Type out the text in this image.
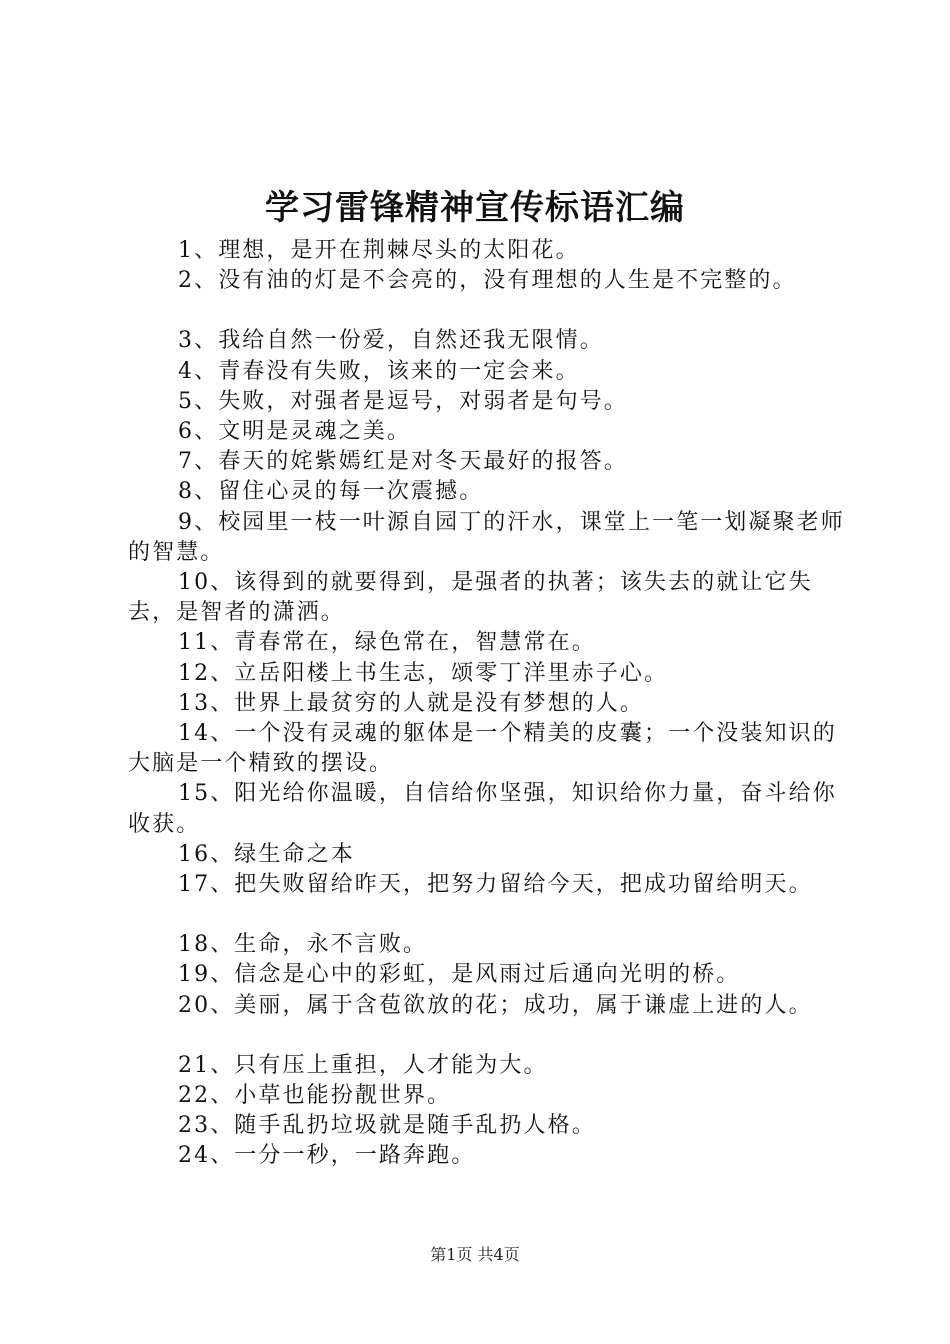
学习雷锋精神宣传标语汇编

1、理想，是开在荆棘尽头的太阳花。

2、没有油的灯是不会亮的，没有理想的人生是不完整的。

3、我给自然一份爱，自然还我无限情。

4、青春没有失败，该来的一定会来。

5、失败，对强者是逗号，对弱者是句号。

6、文明是灵魂之美。

7、春天的姹紫嫣红是对冬天最好的报答。

8、留住心灵的每一次震撼。

9、校园里一枝一叶源自园丁的汗水，课堂上一笔一划凝聚老师的智慧。

10、该得到的就要得到，是强者的执著；该失去的就让它失去，是智者的潇洒。

11、青春常在，绿色常在，智慧常在。

12、立岳阳楼上书生志，颂零丁洋里赤子心。

13、世界上最贫穷的人就是没有梦想的人。

14、一个没有灵魂的躯体是一个精美的皮囊；一个没装知识的大脑是一个精致的摆设。

15、阳光给你温暖，自信给你坚强，知识给你力量，奋斗给你收获。

16、绿生命之本

17、把失败留给昨天，把努力留给今天，把成功留给明天。

18、生命，永不言败。

19、信念是心中的彩虹，是风雨过后通向光明的桥。

20、美丽，属于含苞欲放的花；成功，属于谦虚上进的人。

21、只有压上重担，人才能为大。

22、小草也能扮靓世界。

23、随手乱扔垃圾就是随手乱扔人格。

24、一分一秒，一路奔跑。

第1页 共4页
